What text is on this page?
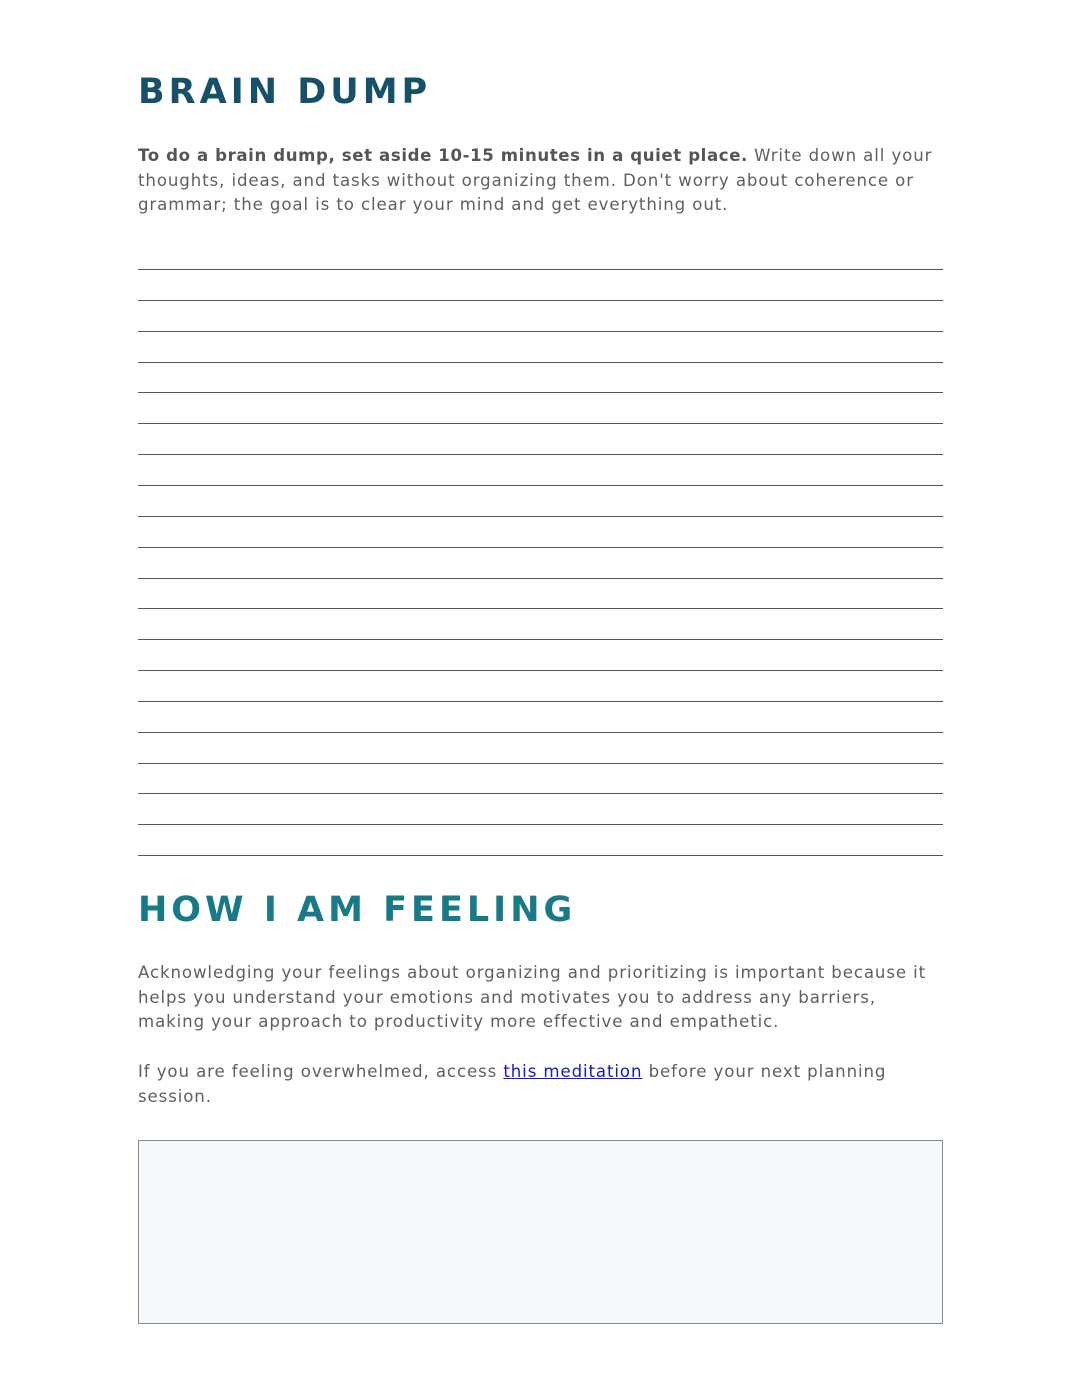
BRAIN DUMP

To do a brain dump, set aside 10-15 minutes in a quiet place. Write down all your thoughts, ideas, and tasks without organizing them. Don't worry about coherence or grammar; the goal is to clear your mind and get everything out.

HOW I AM FEELING

Acknowledging your feelings about organizing and prioritizing is important because it helps you understand your emotions and motivates you to address any barriers, making your approach to productivity more effective and empathetic.

If you are feeling overwhelmed, access this meditation before your next planning session.
